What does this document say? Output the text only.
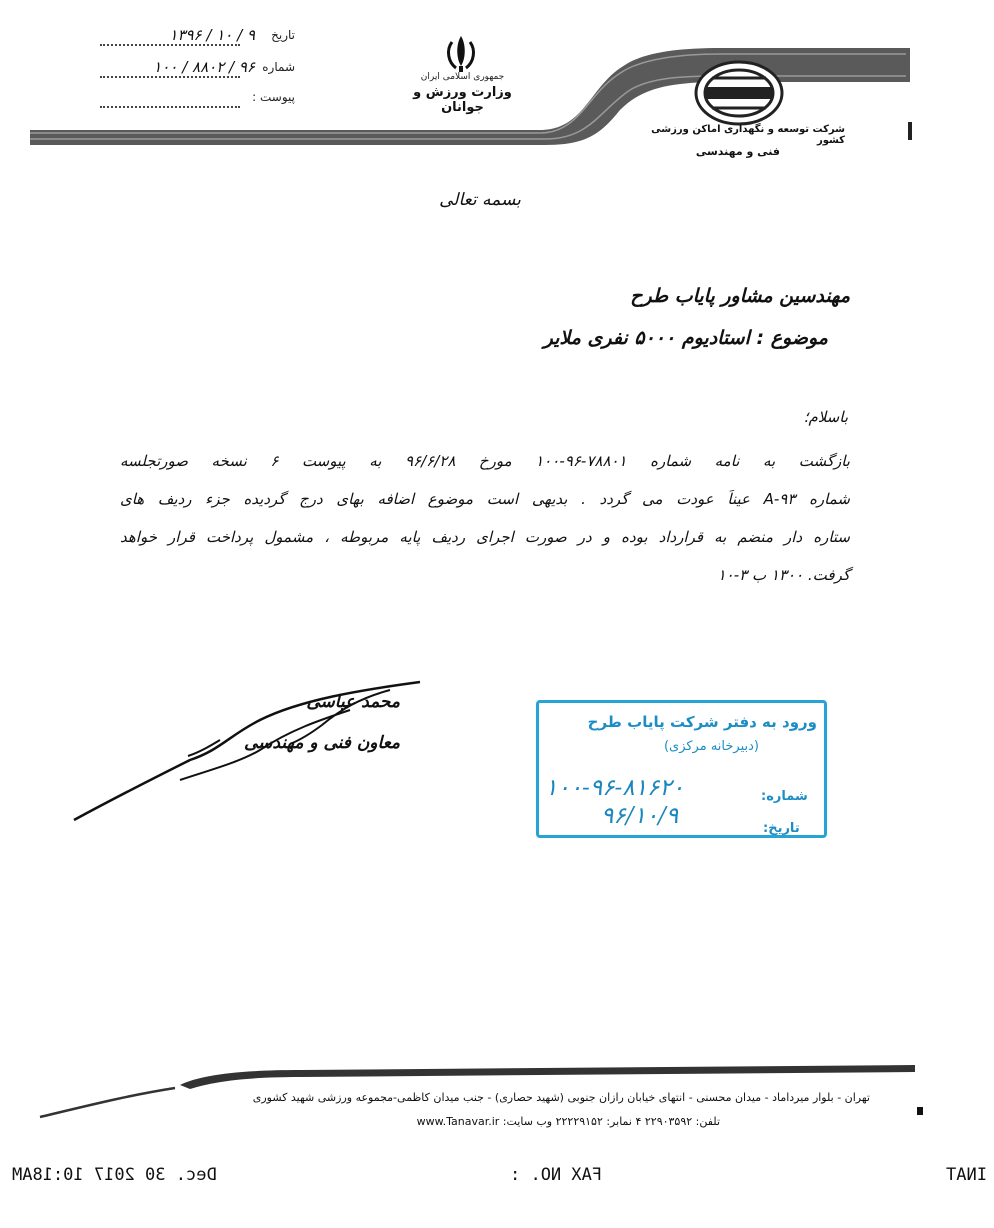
تاریخ
۹ / ۱۰ / ۱۳۹۶
شماره
۹۶ / ۸۸۰۲ / ۱۰۰
پیوست :
جمهوری اسلامی ایران
وزارت ورزش و جوانان
شرکت توسعه و نگهداری اماکن ورزشی کشور
فنی و مهندسی
بسمه تعالی
مهندسین مشاور پایاب طرح
موضوع : استادیوم ۵۰۰۰ نفری ملایر
باسلام؛
بازگشت به نامه شماره ۷۸۸۰۱-۹۶-۱۰۰ مورخ ۹۶/۶/۲۸ به پیوست ۶ نسخه صورتجلسه
شماره A-۹۳ عیناً عودت می گردد . بدیهی است موضوع اضافه بهای درج گردیده جزء ردیف های
ستاره دار منضم به قرارداد بوده و در صورت اجرای ردیف پایه مربوطه ، مشمول پرداخت قرار خواهد
گرفت. ۱۳۰۰ ب ۳-۱۰
محمد عباسی
معاون فنی و مهندسی
ورود به دفتر شرکت پایاب طرح
(دبیرخانه مرکزی)
شماره:
۱۰۰-۹۶-۸۱۶۲۰
تاریخ:
۹۶/۱۰/۹
تهران - بلوار میرداماد - میدان محسنی - انتهای خیابان رازان جنوبی (شهید حصاری) - جنب میدان کاظمی-مجموعه ورزشی شهید کشوری
تلفن: ۲۲۹۰۳۵۹۲ ۴ نمابر: ۲۲۲۲۹۱۵۲ وب سایت: www.Tanavar.ir
Dec. 30 2017 10:18AM	FAX NO. :	INAT
